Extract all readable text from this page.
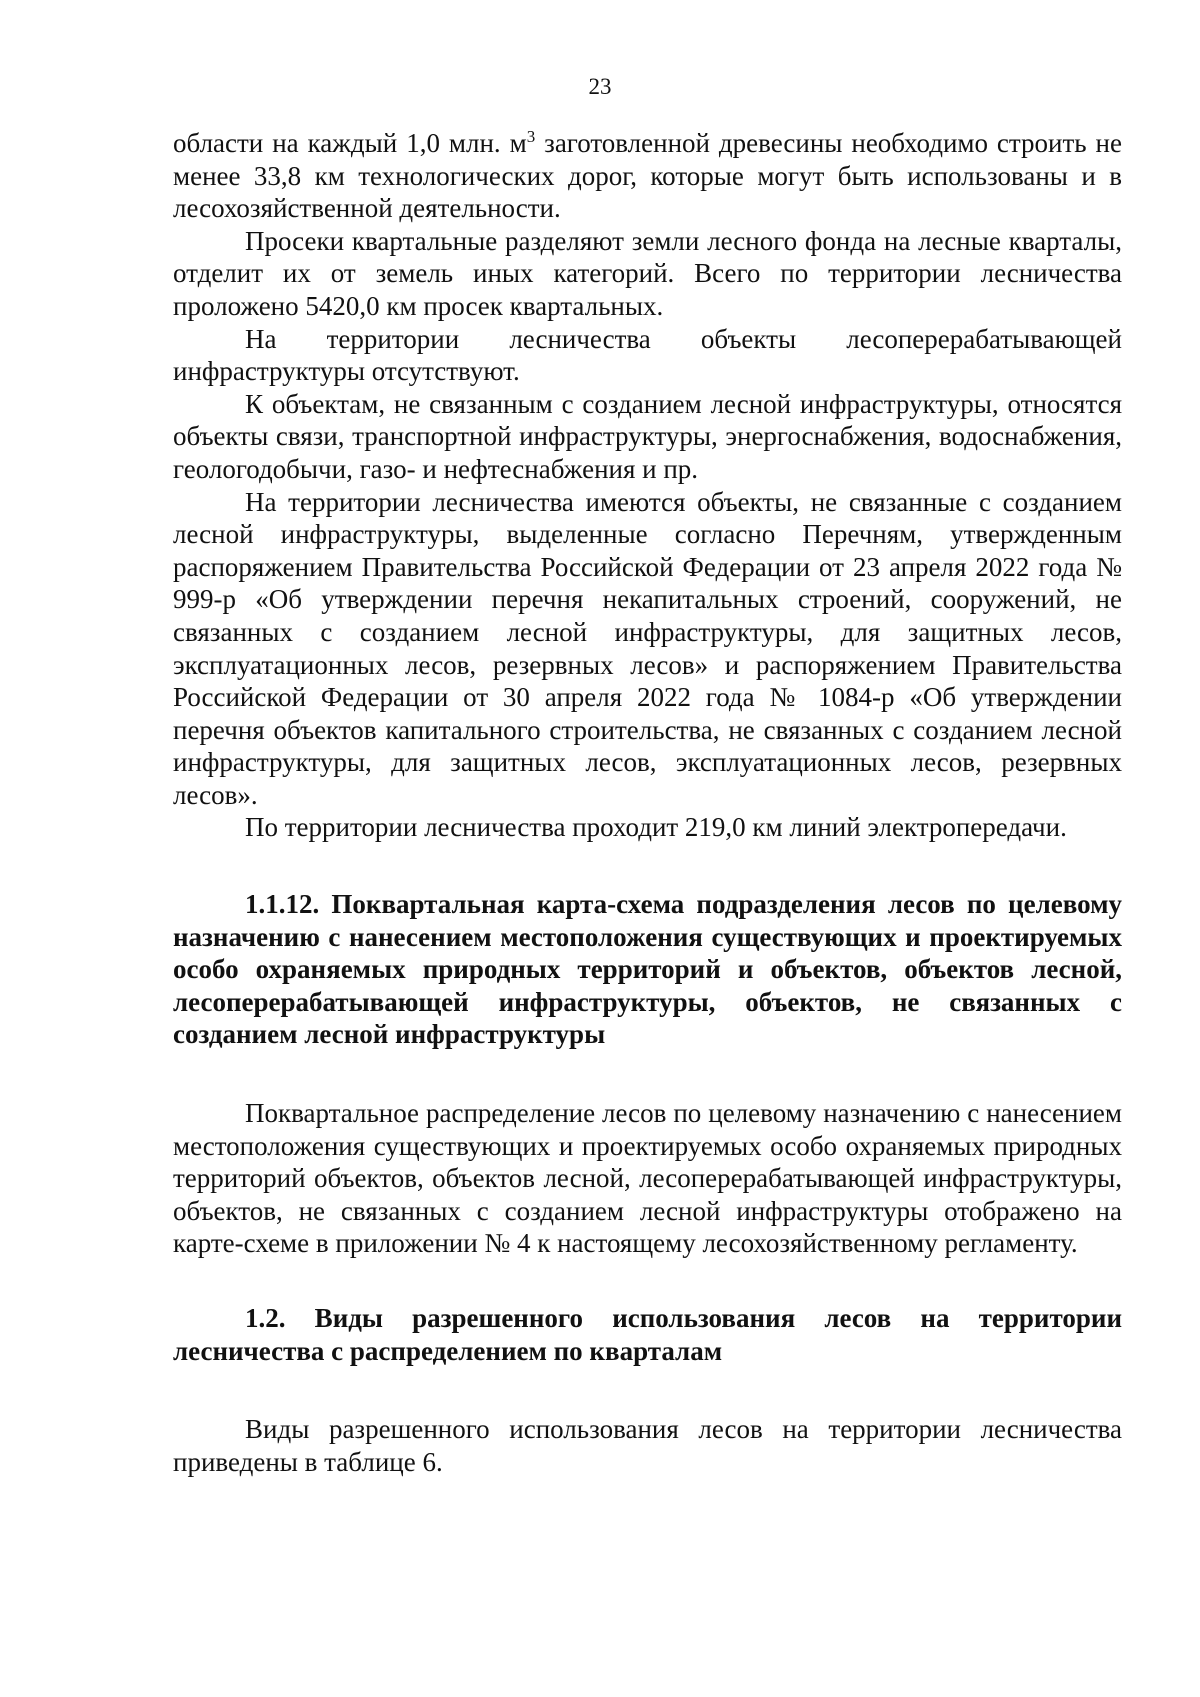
23

области на каждый 1,0 млн. $м^3$ заготовленной древесины необходимо строить не менее 33,8 км технологических дорог, которые могут быть использованы и в лесохозяйственной деятельности.

Просеки квартальные разделяют земли лесного фонда на лесные кварталы, отделит их от земель иных категорий. Всего по территории лесничества проложено 5420,0 км просек квартальных.

На территории лесничества объекты лесоперерабатывающей

инфраструктуры отсутствуют.

К объектам, не связанным с созданием лесной инфраструктуры, относятся объекты связи, транспортной инфраструктуры, энергоснабжения, водоснабжения, геологодобычи, газо- и нефтеснабжения и пр.

На территории лесничества имеются объекты, не связанные с созданием лесной инфраструктуры, выделенные согласно Перечням, утвержденным распоряжением Правительства Российской Федерации от 23 апреля 2022 года № 999-р «Об утверждении перечня некапитальных строений, сооружений, не связанных с созданием лесной инфраструктуры, для защитных лесов, эксплуатационных лесов, резервных лесов» и распоряжением Правительства Российской Федерации от 30 апреля 2022 года № 1084-р «Об утверждении перечня объектов капитального строительства, не связанных с созданием лесной инфраструктуры, для защитных лесов, эксплуатационных лесов, резервных лесов».

По территории лесничества проходит 219,0 км линий электропередачи.

1.1.12. Поквартальная карта-схема подразделения лесов по целевому назначению с нанесением местоположения существующих и проектируемых особо охраняемых природных территорий и объектов, объектов лесной, лесоперерабатывающей инфраструктуры, объектов, не связанных с созданием лесной инфраструктуры

Поквартальное распределение лесов по целевому назначению с нанесением местоположения существующих и проектируемых особо охраняемых природных территорий объектов, объектов лесной, лесоперерабатывающей инфраструктуры, объектов, не связанных с созданием лесной инфраструктуры отображено на карте-схеме в приложении № 4 к настоящему лесохозяйственному регламенту.

1.2. Виды разрешенного использования лесов на территории лесничества с распределением по кварталам

Виды разрешенного использования лесов на территории лесничества приведены в таблице 6.
